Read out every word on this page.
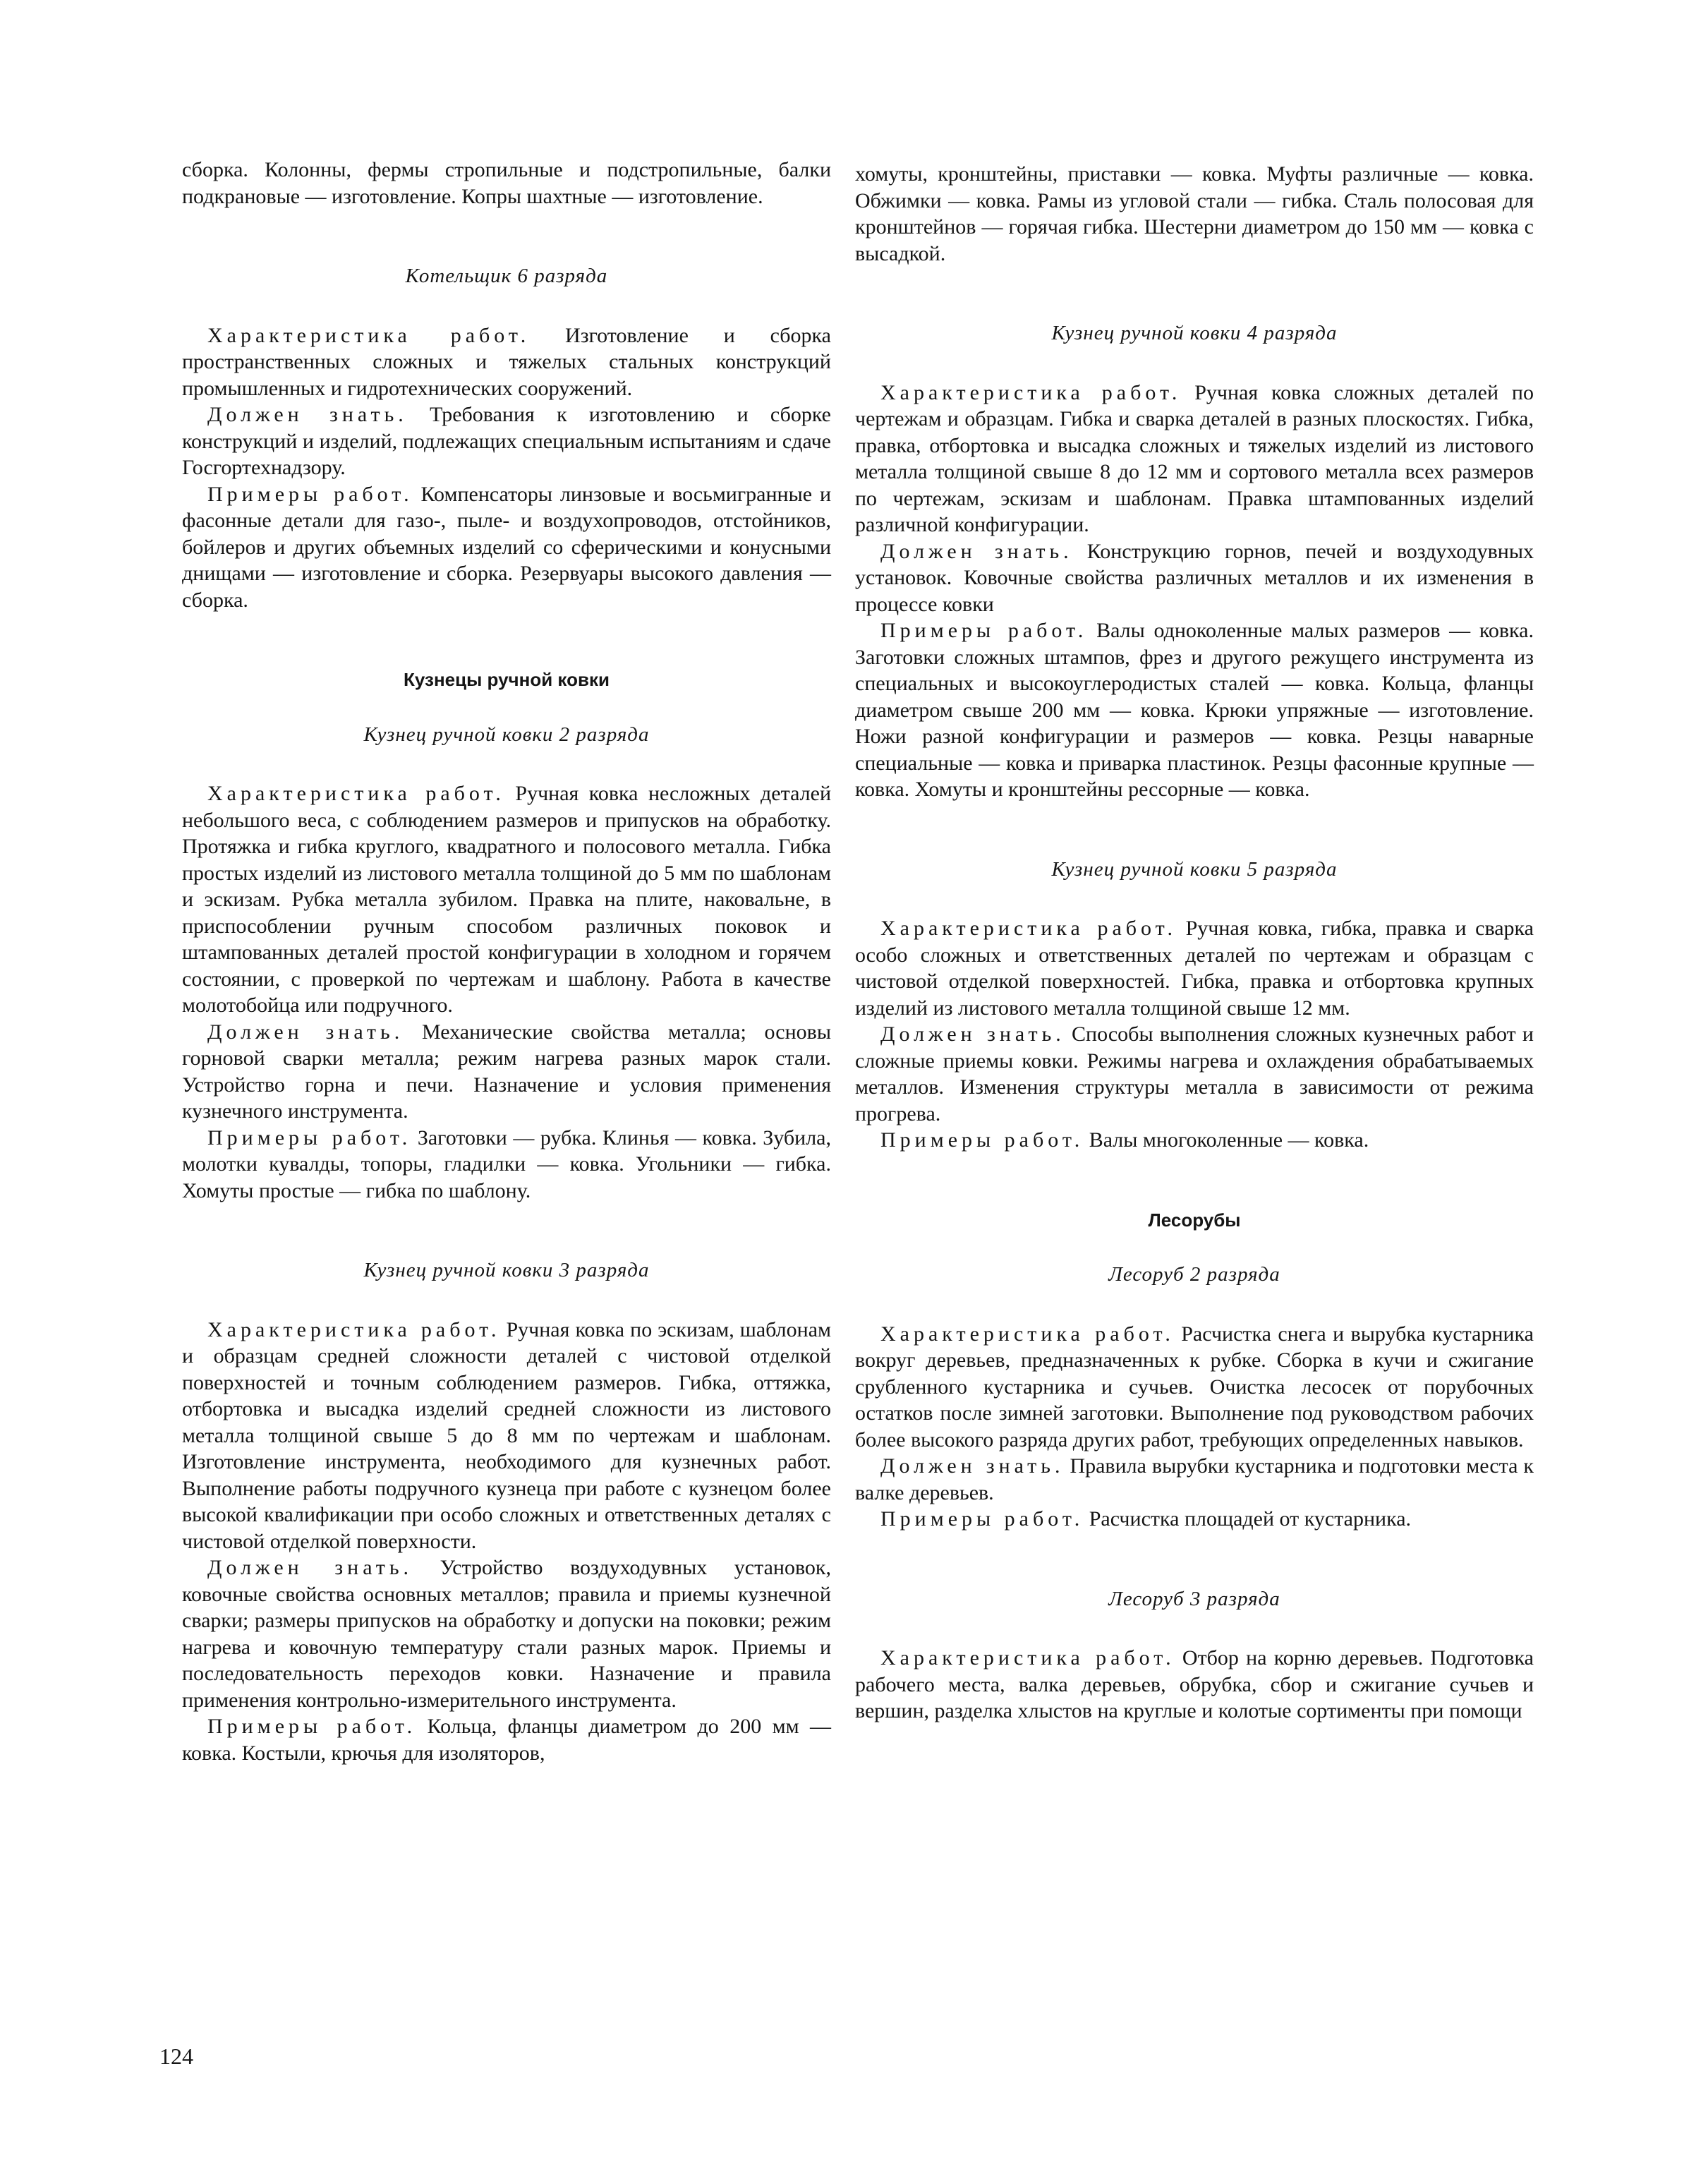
сборка. Колонны, фермы стропильные и подстропильные, балки подкрановые — изготовление. Копры шахтные — изготовление.

Котельщик 6 разряда

Характеристика работ. Изготовление и сборка пространственных сложных и тяжелых стальных конструкций промышленных и гидротехнических сооружений.

Должен знать. Требования к изготовлению и сборке конструкций и изделий, подлежащих специальным испытаниям и сдаче Госгортехнадзору.

Примеры работ. Компенсаторы линзовые и восьмигранные и фасонные детали для газо-, пыле- и воздухопроводов, отстойников, бойлеров и других объемных изделий со сферическими и конусными днищами — изготовление и сборка. Резервуары высокого давления — сборка.

Кузнецы ручной ковки

Кузнец ручной ковки 2 разряда

Характеристика работ. Ручная ковка несложных деталей небольшого веса, с соблюдением размеров и припусков на обработку. Протяжка и гибка круглого, квадратного и полосового металла. Гибка простых изделий из листового металла толщиной до 5 мм по шаблонам и эскизам. Рубка металла зубилом. Правка на плите, наковальне, в приспособлении ручным способом различных поковок и штампованных деталей простой конфигурации в холодном и горячем состоянии, с проверкой по чертежам и шаблону. Работа в качестве молотобойца или подручного.

Должен знать. Механические свойства металла; основы горновой сварки металла; режим нагрева разных марок стали. Устройство горна и печи. Назначение и условия применения кузнечного инструмента.

Примеры работ. Заготовки — рубка. Клинья — ковка. Зубила, молотки кувалды, топоры, гладилки — ковка. Угольники — гибка. Хомуты простые — гибка по шаблону.

Кузнец ручной ковки 3 разряда

Характеристика работ. Ручная ковка по эскизам, шаблонам и образцам средней сложности деталей с чистовой отделкой поверхностей и точным соблюдением размеров. Гибка, оттяжка, отбортовка и высадка изделий средней сложности из листового металла толщиной свыше 5 до 8 мм по чертежам и шаблонам. Изготовление инструмента, необходимого для кузнечных работ. Выполнение работы подручного кузнеца при работе с кузнецом более высокой квалификации при особо сложных и ответственных деталях с чистовой отделкой поверхности.

Должен знать. Устройство воздуходувных установок, ковочные свойства основных металлов; правила и приемы кузнечной сварки; размеры припусков на обработку и допуски на поковки; режим нагрева и ковочную температуру стали разных марок. Приемы и последовательность переходов ковки. Назначение и правила применения контрольно-измерительного инструмента.

Примеры работ. Кольца, фланцы диаметром до 200 мм — ковка. Костыли, крючья для изоляторов,

хомуты, кронштейны, приставки — ковка. Муфты различные — ковка. Обжимки — ковка. Рамы из угловой стали — гибка. Сталь полосовая для кронштейнов — горячая гибка. Шестерни диаметром до 150 мм — ковка с высадкой.

Кузнец ручной ковки 4 разряда

Характеристика работ. Ручная ковка сложных деталей по чертежам и образцам. Гибка и сварка деталей в разных плоскостях. Гибка, правка, отбортовка и высадка сложных и тяжелых изделий из листового металла толщиной свыше 8 до 12 мм и сортового металла всех размеров по чертежам, эскизам и шаблонам. Правка штампованных изделий различной конфигурации.

Должен знать. Конструкцию горнов, печей и воздуходувных установок. Ковочные свойства различных металлов и их изменения в процессе ковки

Примеры работ. Валы одноколенные малых размеров — ковка. Заготовки сложных штампов, фрез и другого режущего инструмента из специальных и высокоуглеродистых сталей — ковка. Кольца, фланцы диаметром свыше 200 мм — ковка. Крюки упряжные — изготовление. Ножи разной конфигурации и размеров — ковка. Резцы наварные специальные — ковка и приварка пластинок. Резцы фасонные крупные — ковка. Хомуты и кронштейны рессорные — ковка.

Кузнец ручной ковки 5 разряда

Характеристика работ. Ручная ковка, гибка, правка и сварка особо сложных и ответственных деталей по чертежам и образцам с чистовой отделкой поверхностей. Гибка, правка и отбортовка крупных изделий из листового металла толщиной свыше 12 мм.

Должен знать. Способы выполнения сложных кузнечных работ и сложные приемы ковки. Режимы нагрева и охлаждения обрабатываемых металлов. Изменения структуры металла в зависимости от режима прогрева.

Примеры работ. Валы многоколенные — ковка.

Лесорубы

Лесоруб 2 разряда

Характеристика работ. Расчистка снега и вырубка кустарника вокруг деревьев, предназначенных к рубке. Сборка в кучи и сжигание срубленного кустарника и сучьев. Очистка лесосек от порубочных остатков после зимней заготовки. Выполнение под руководством рабочих более высокого разряда других работ, требующих определенных навыков.

Должен знать. Правила вырубки кустарника и подготовки места к валке деревьев.

Примеры работ. Расчистка площадей от кустарника.

Лесоруб 3 разряда

Характеристика работ. Отбор на корню деревьев. Подготовка рабочего места, валка деревьев, обрубка, сбор и сжигание сучьев и вершин, разделка хлыстов на круглые и колотые сортименты при помощи

124
